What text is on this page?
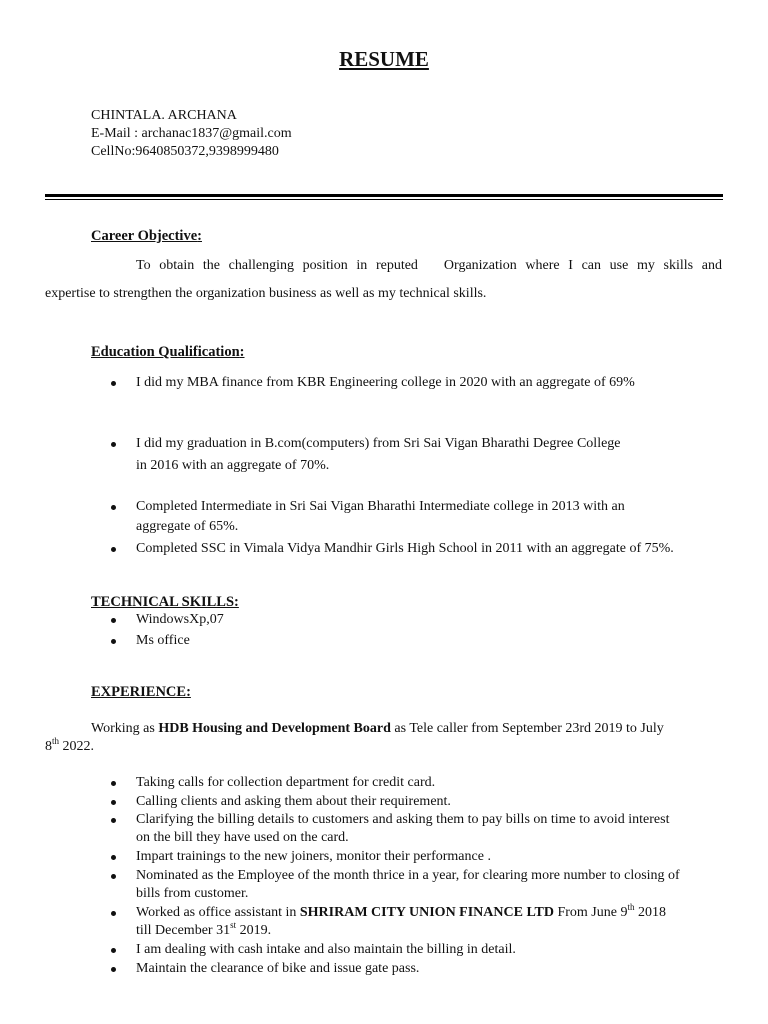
RESUME
CHINTALA. ARCHANA
E-Mail : archanac1837@gmail.com
CellNo:9640850372,9398999480
Career Objective:
To obtain the challenging position in reputed   Organization where I can use my skills and
expertise to strengthen the organization business as well as my technical skills.
Education Qualification:
I did my MBA finance from KBR Engineering college in 2020 with an aggregate of 69%
I did my graduation in B.com(computers) from Sri Sai Vigan Bharathi Degree College
in 2016 with an aggregate of 70%.
Completed Intermediate in Sri Sai Vigan Bharathi Intermediate college in 2013 with an
aggregate of 65%.
Completed SSC in Vimala Vidya Mandhir Girls High School in 2011 with an aggregate of 75%.
TECHNICAL SKILLS:
WindowsXp,07
Ms office
EXPERIENCE:
Working as HDB Housing and Development Board as Tele caller from September 23rd 2019 to July
8th 2022.
Taking calls for collection department for credit card.
Calling clients and asking them about their requirement.
Clarifying the billing details to customers and asking them to pay bills on time to avoid interest
on the bill they have used on the card.
Impart trainings to the new joiners, monitor their performance .
Nominated as the Employee of the month thrice in a year, for clearing more number to closing of
bills from customer.
Worked as office assistant in SHRIRAM CITY UNION FINANCE LTD From June 9th 2018
till December 31st 2019.
I am dealing with cash intake and also maintain the billing in detail.
Maintain the clearance of bike and issue gate pass.
